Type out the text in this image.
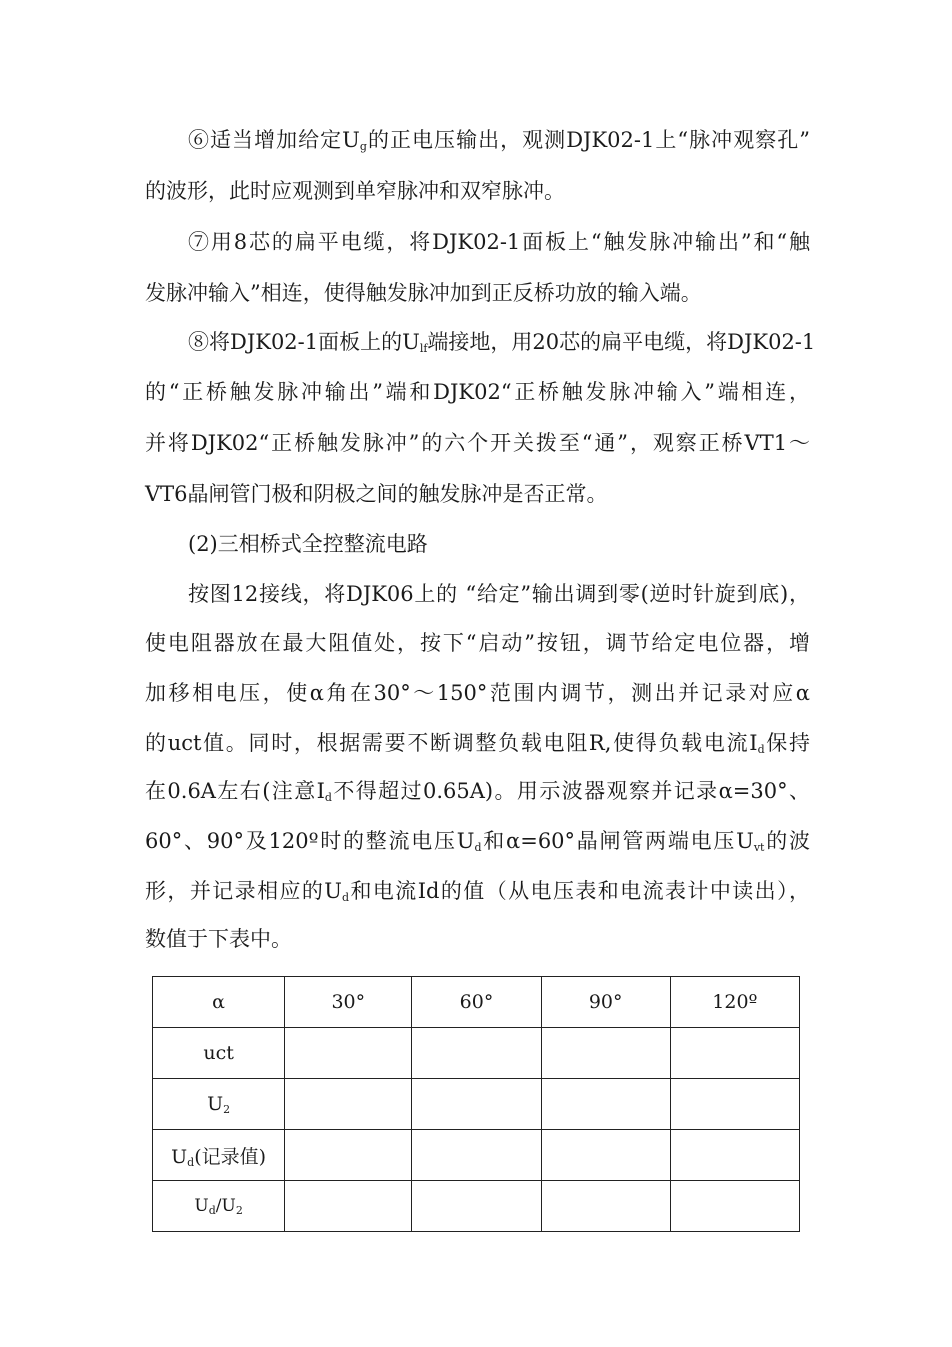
⑥适当增加给定$U_g$的正电压输出，观测DJK02-1上“脉冲观察孔”
的波形，此时应观测到单窄脉冲和双窄脉冲。
⑦用8芯的扁平电缆，将DJK02-1面板上“触发脉冲输出”和“触
发脉冲输入”相连，使得触发脉冲加到正反桥功放的输入端。
⑧将DJK02-1面板上的$U_{lf}$端接地，用20芯的扁平电缆，将DJK02-1
的“正桥触发脉冲输出”端和DJK02“正桥触发脉冲输入”端相连，
并将DJK02“正桥触发脉冲”的六个开关拨至“通”，观察正桥VT1～
VT6晶闸管门极和阴极之间的触发脉冲是否正常。
(2)三相桥式全控整流电路
按图12接线，将DJK06上的 “给定”输出调到零(逆时针旋到底)，
使电阻器放在最大阻值处，按下“启动”按钮，调节给定电位器，增
加移相电压，使α角在30°～150°范围内调节，测出并记录对应α
的uct值。同时，根据需要不断调整负载电阻R,使得负载电流$I_d$保持
在0.6A左右(注意$I_d$不得超过0.65A)。用示波器观察并记录α=30°、
60°、90°及120º时的整流电压$U_d$和α=60°晶闸管两端电压$U_{vt}$的波
形，并记录相应的$U_d$和电流Id的值（从电压表和电流表计中读出），
数值于下表中。
α	30°	60°	90°	120º
uct				
$U_2$				
$U_d$(记录值)				
$U_d/U_2$				
